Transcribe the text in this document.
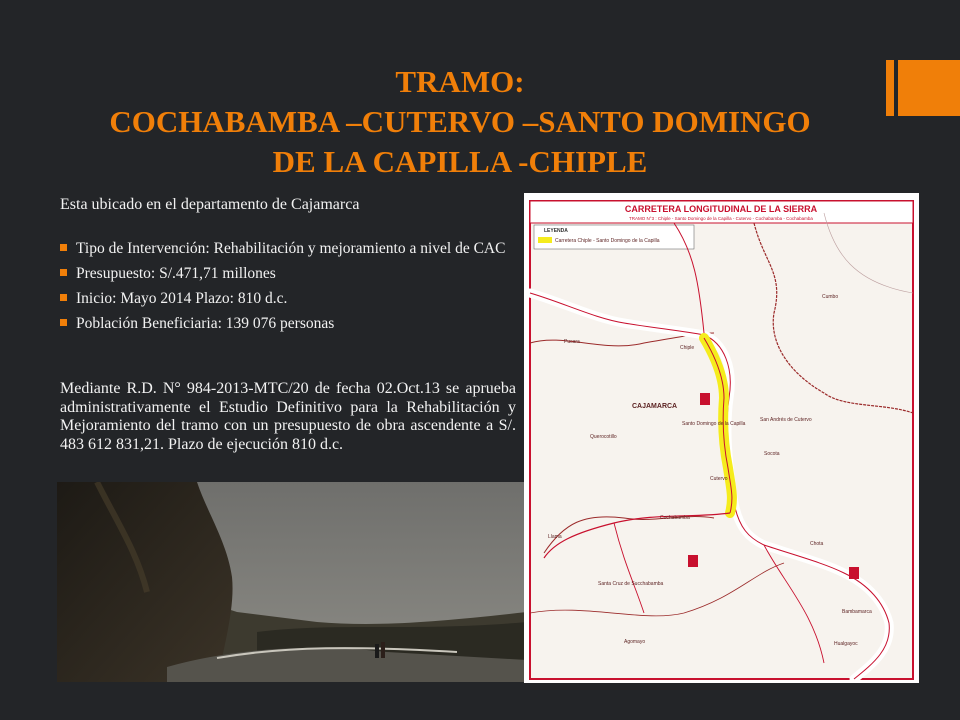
TRAMO:
COCHABAMBA –CUTERVO –SANTO DOMINGO
DE LA CAPILLA -CHIPLE
Esta ubicado en el departamento de Cajamarca
Tipo de Intervención: Rehabilitación y mejoramiento a nivel de CAC
Presupuesto: S/.471,71 millones
Inicio: Mayo 2014 Plazo: 810 d.c.
Población Beneficiaria: 139 076 personas
Mediante R.D. N° 984-2013-MTC/20 de fecha 02.Oct.13 se aprueba administrativamente el Estudio Definitivo para la Rehabilitación y Mejoramiento del tramo con un presupuesto de obra ascendente a S/. 483 612 831,21. Plazo de ejecución 810 d.c.
CARRETERA LONGITUDINAL DE LA SIERRA
TRAMO N°3 : Chiple - Santo Domingo de la Capilla - Cutervo - Cochabamba - Cochabamba
LEYENDA
Carretera Chiple - Santo Domingo de la Capilla
Pucara
Chiple
Cumbo
CAJAMARCA
Querocotillo
Santo Domingo de la Capilla
San Andrés de Cutervo
Socota
Cutervo
Cochabamba
Llama
Santa Cruz de Succhabamba
Chota
Bambamarca
Agomayo	Hualgayoc
